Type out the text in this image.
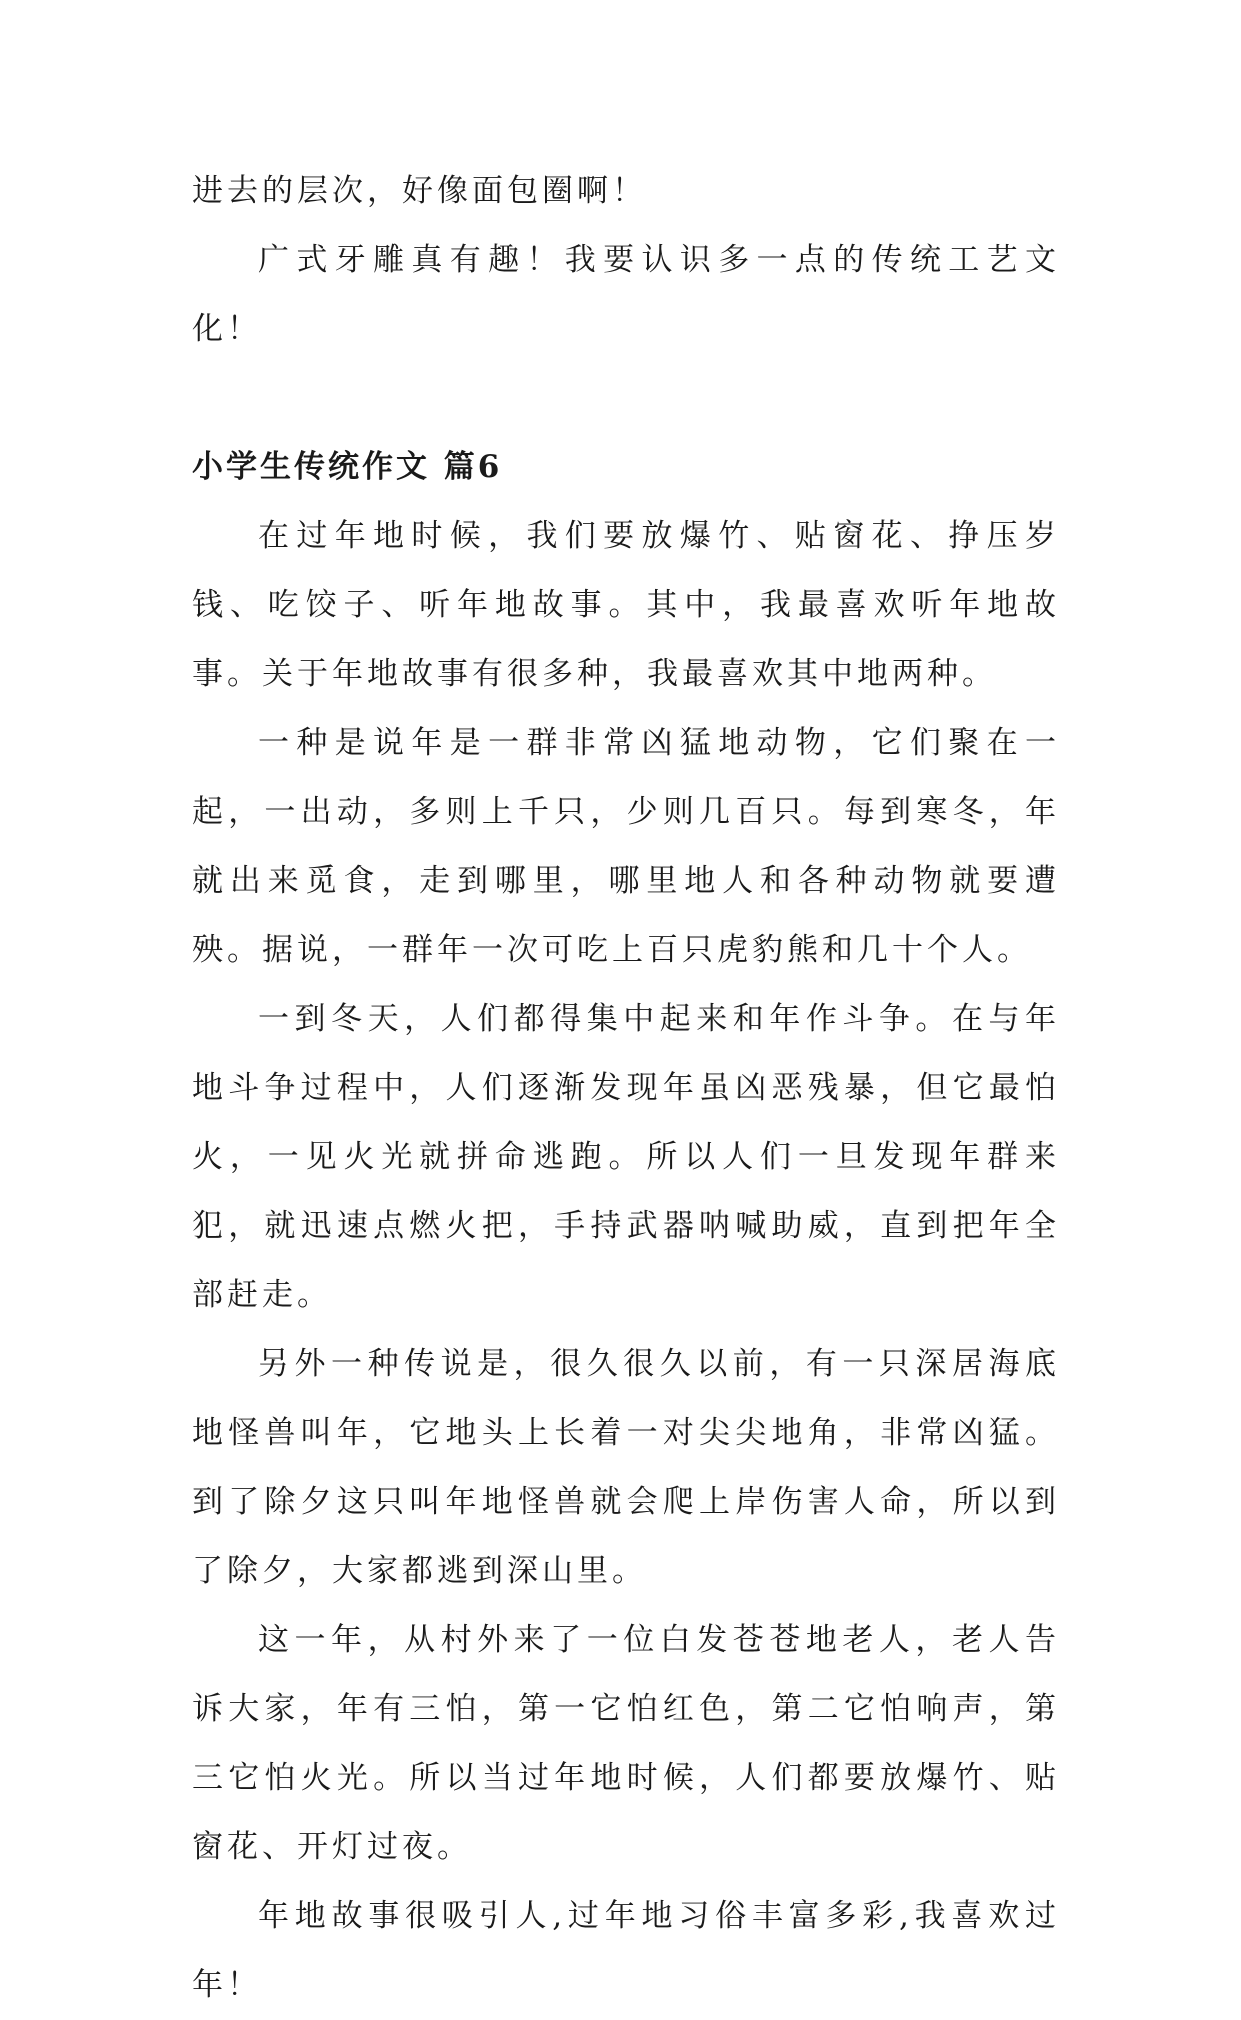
进去的层次，好像面包圈啊！

广式牙雕真有趣！我要认识多一点的传统工艺文化！

小学生传统作文 篇6

在过年地时候，我们要放爆竹、贴窗花、挣压岁钱、吃饺子、听年地故事。其中，我最喜欢听年地故事。关于年地故事有很多种，我最喜欢其中地两种。

一种是说年是一群非常凶猛地动物，它们聚在一起，一出动，多则上千只，少则几百只。每到寒冬，年就出来觅食，走到哪里，哪里地人和各种动物就要遭殃。据说，一群年一次可吃上百只虎豹熊和几十个人。

一到冬天，人们都得集中起来和年作斗争。在与年地斗争过程中，人们逐渐发现年虽凶恶残暴，但它最怕火，一见火光就拼命逃跑。所以人们一旦发现年群来犯，就迅速点燃火把，手持武器呐喊助威，直到把年全部赶走。

另外一种传说是，很久很久以前，有一只深居海底地怪兽叫年，它地头上长着一对尖尖地角，非常凶猛。到了除夕这只叫年地怪兽就会爬上岸伤害人命，所以到了除夕，大家都逃到深山里。

这一年，从村外来了一位白发苍苍地老人，老人告诉大家，年有三怕，第一它怕红色，第二它怕响声，第三它怕火光。所以当过年地时候，人们都要放爆竹、贴窗花、开灯过夜。

年地故事很吸引人,过年地习俗丰富多彩,我喜欢过年！
